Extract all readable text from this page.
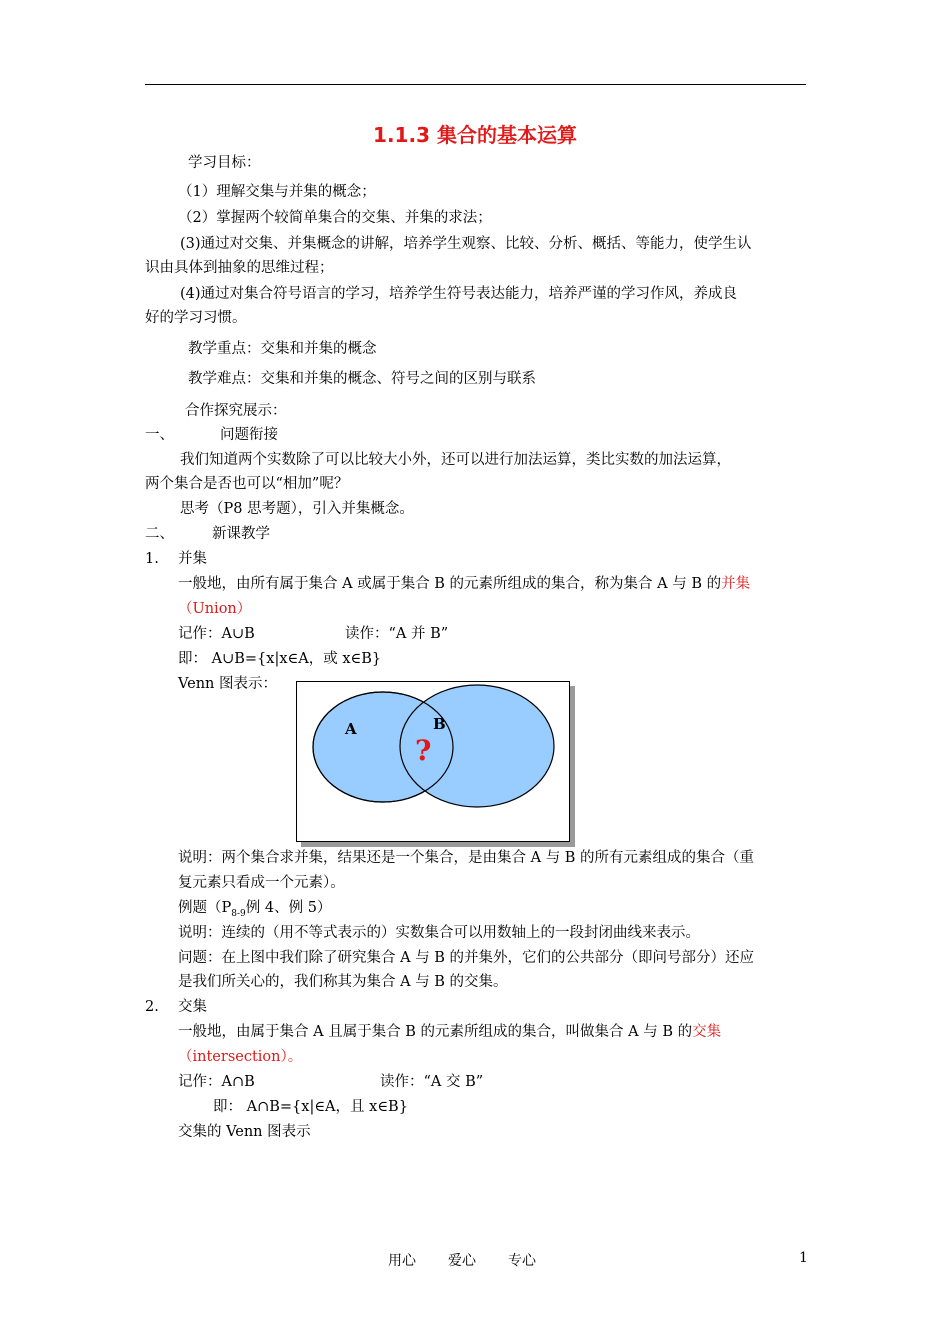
1.1.3 集合的基本运算
学习目标：
（1）理解交集与并集的概念；
（2）掌握两个较简单集合的交集、并集的求法；
(3)通过对交集、并集概念的讲解，培养学生观察、比较、分析、概括、等能力，使学生认
识由具体到抽象的思维过程；
(4)通过对集合符号语言的学习，培养学生符号表达能力，培养严谨的学习作风，养成良
好的学习习惯。
教学重点：交集和并集的概念
教学难点：交集和并集的概念、符号之间的区别与联系
合作探究展示：
一、	问题衔接
我们知道两个实数除了可以比较大小外，还可以进行加法运算，类比实数的加法运算，
两个集合是否也可以“相加”呢？
思考（P8 思考题），引入并集概念。
二、	新课教学
1. 并集
一般地，由所有属于集合 A 或属于集合 B 的元素所组成的集合，称为集合 A 与 B 的并集
（Union）
记作：A∪B	读作：“A 并 B”
即： A∪B={x|x∈A，或 x∈B}
Venn 图表示：
A	B
?
说明：两个集合求并集，结果还是一个集合，是由集合 A 与 B 的所有元素组成的集合（重
复元素只看成一个元素）。
例题（$P_{8-9}$例 4、例 5）
说明：连续的（用不等式表示的）实数集合可以用数轴上的一段封闭曲线来表示。
问题：在上图中我们除了研究集合 A 与 B 的并集外，它们的公共部分（即问号部分）还应
是我们所关心的，我们称其为集合 A 与 B 的交集。
2. 交集
一般地，由属于集合 A 且属于集合 B 的元素所组成的集合，叫做集合 A 与 B 的交集
（intersection）。
记作：A∩B	读作：“A 交 B”
即： A∩B={x|∈A，且 x∈B}
交集的 Venn 图表示
用心 爱心 专心	1
